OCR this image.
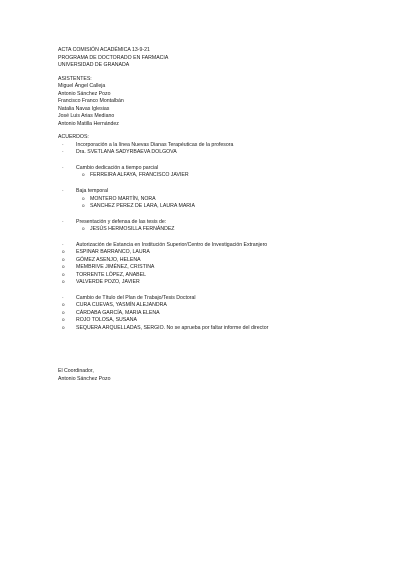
ACTA COMISIÓN ACADÉMICA 13-9-21
PROGRAMA DE DOCTORADO EN FARMACIA
UNIVERSIDAD DE GRANADA
ASISTENTES:
Miguel Ángel Calleja
Antonio Sánchez Pozo
Francisco Franco Montalbán
Natalia Navas Iglesias
José Luis Arias Mediano
Antonio Matilla Hernández
ACUERDOS:
· Incorporación a la línea Nuevas Dianas Terapéuticas de la profesora
· Dra. SVETLANA SADYRBAEVA DOLGOVA
· Cambio dedicación a tiempo parcial
o FERREIRA ALFAYA, FRANCISCO JAVIER
· Baja temporal
o MONTERO MARTÍN, NORA
o SANCHEZ PEREZ DE LARA, LAURA MARIA
· Presentación y defensa de las tesis de:
o JESÚS HERMOSILLA FERNÁNDEZ
· Autorización de Estancia en Institución Superior/Centro de Investigación Extranjero
o ESPINAR BARRANCO, LAURA
o GÓMEZ ASENJO, HELENA
o MEMBRIVE JIMÉNEZ, CRISTINA
o TORRENTE LÓPEZ, ANABEL
o VALVERDE POZO, JAVIER
· Cambio de Título del Plan de Trabajo/Tesis Doctoral
o CURA CUEVAS, YASMÍN ALEJANDRA
o CÁRDABA GARCÍA, MARIA ELENA
o ROJO TOLOSA, SUSANA
o SEQUERA ARQUELLADAS, SERGIO. No se aprueba por faltar informe del director
El Coordinador,
Antonio Sánchez Pozo
